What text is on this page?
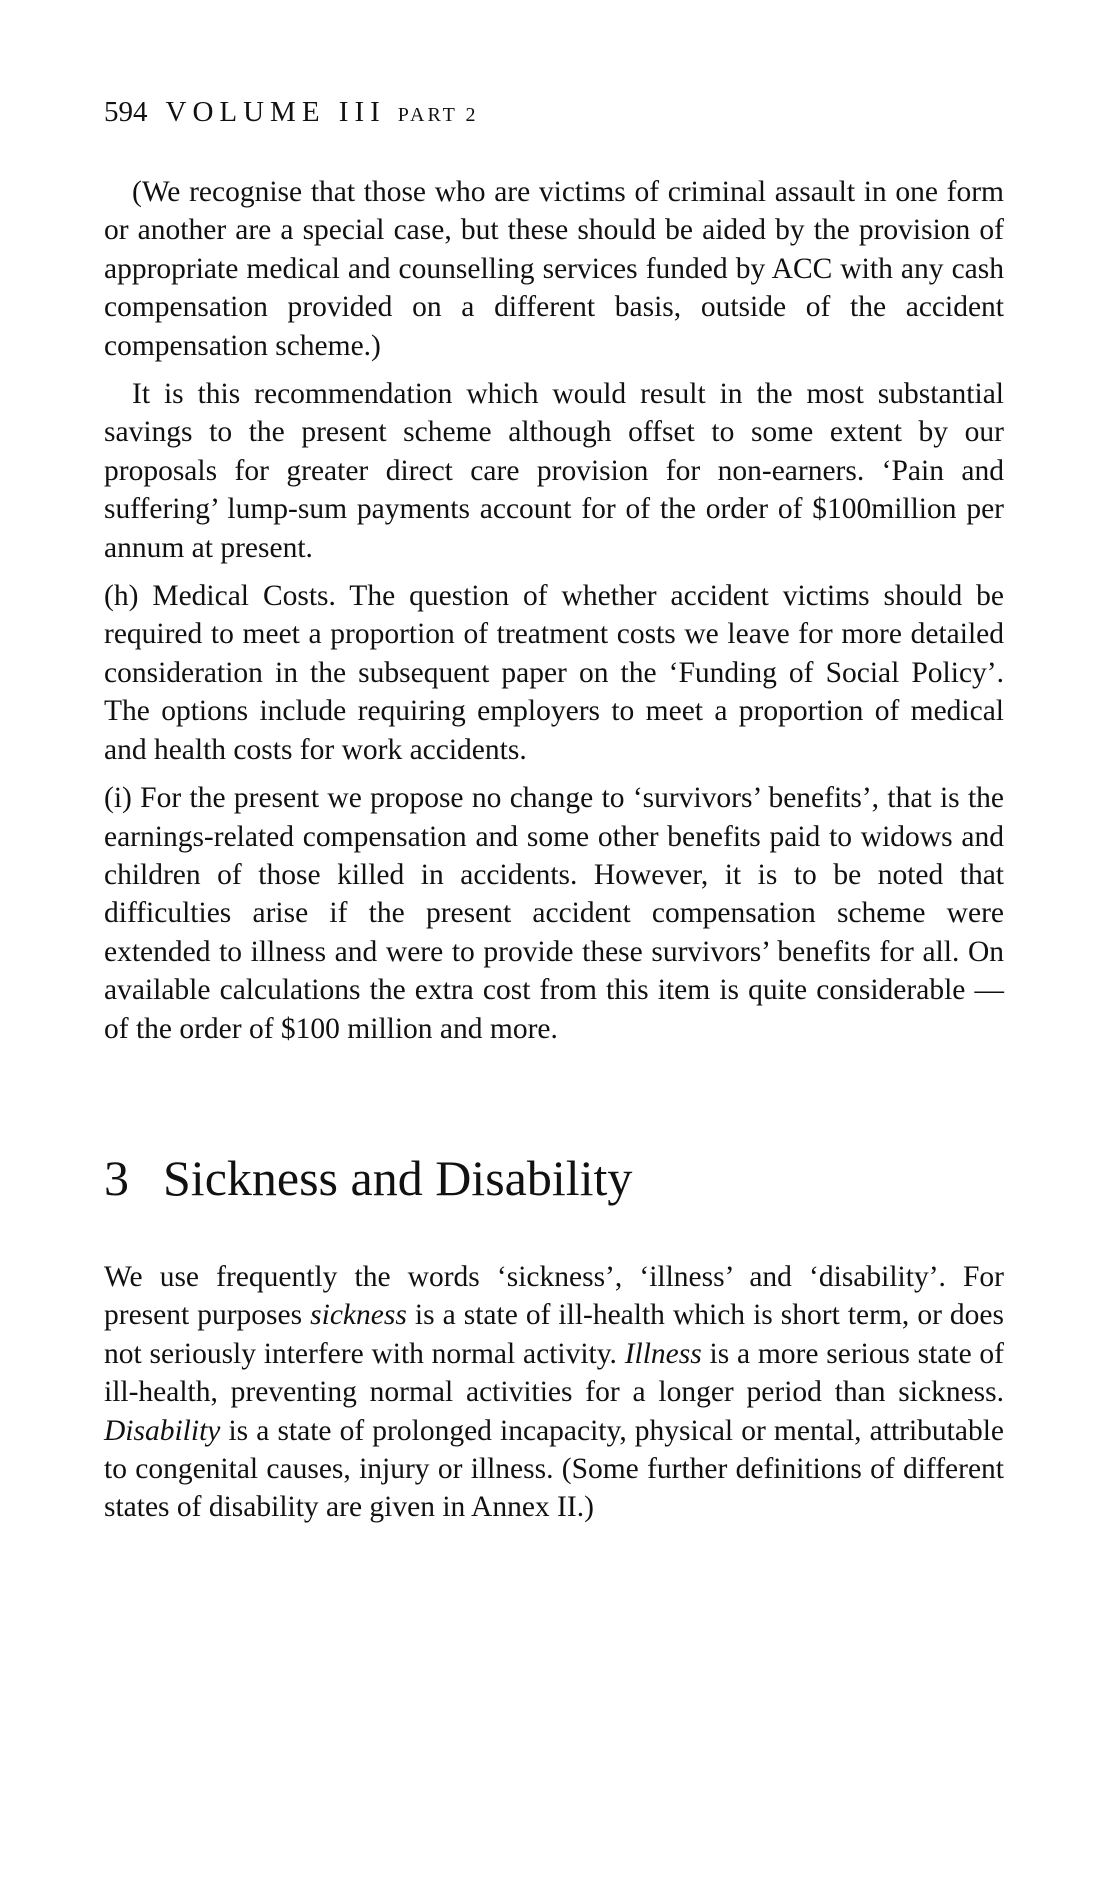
594 VOLUME III PART 2

(We recognise that those who are victims of criminal assault in one form or another are a special case, but these should be aided by the provision of appropriate medical and counselling services funded by ACC with any cash compensation provided on a different basis, outside of the accident compensation scheme.)

It is this recommendation which would result in the most substantial savings to the present scheme although offset to some extent by our proposals for greater direct care provision for non-earners. ‘Pain and suffering’ lump-sum payments account for of the order of $100million per annum at present.

(h) Medical Costs. The question of whether accident victims should be required to meet a proportion of treatment costs we leave for more detailed consideration in the subsequent paper on the ‘Funding of Social Policy’. The options include requiring employers to meet a proportion of medical and health costs for work accidents.

(i) For the present we propose no change to ‘survivors’ benefits’, that is the earnings-related compensation and some other benefits paid to widows and children of those killed in accidents. However, it is to be noted that difficulties arise if the present accident compensation scheme were extended to illness and were to provide these survivors’ benefits for all. On available calculations the extra cost from this item is quite considerable — of the order of $100 million and more.

3 Sickness and Disability

We use frequently the words ‘sickness’, ‘illness’ and ‘disability’. For present purposes sickness is a state of ill-health which is short term, or does not seriously interfere with normal activity. Illness is a more serious state of ill-health, preventing normal activities for a longer period than sickness. Disability is a state of prolonged incapacity, physical or mental, attributable to congenital causes, injury or illness. (Some further definitions of different states of disability are given in Annex II.)
